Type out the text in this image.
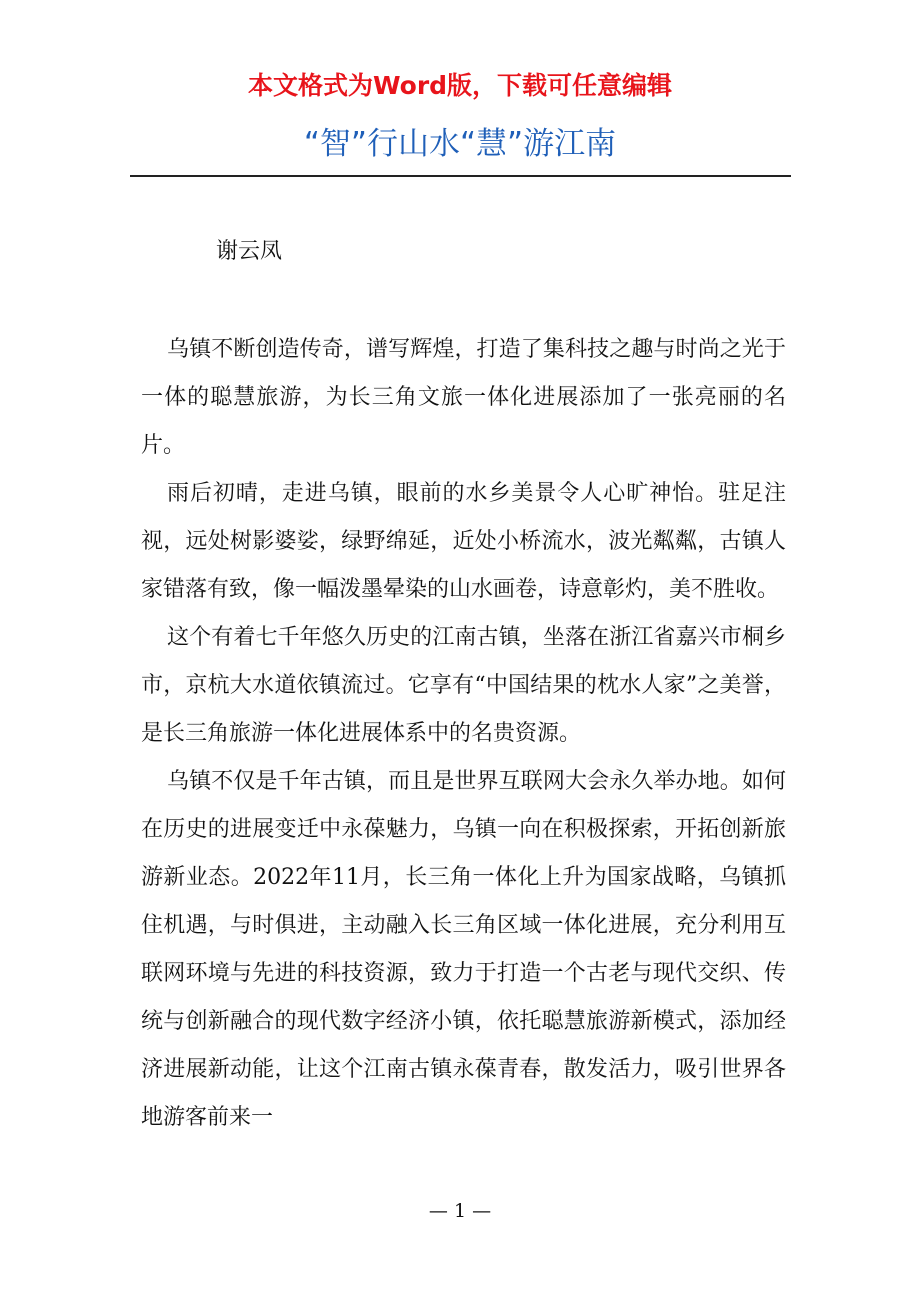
本文格式为Word版，下载可任意编辑
“智”行山水“慧”游江南

谢云凤

乌镇不断创造传奇，谱写辉煌，打造了集科技之趣与时尚之光于一体的聪慧旅游，为长三角文旅一体化进展添加了一张亮丽的名片。

雨后初晴，走进乌镇，眼前的水乡美景令人心旷神怡。驻足注视，远处树影婆娑，绿野绵延，近处小桥流水，波光粼粼，古镇人家错落有致，像一幅泼墨晕染的山水画卷，诗意彰灼，美不胜收。

这个有着七千年悠久历史的江南古镇，坐落在浙江省嘉兴市桐乡市，京杭大水道依镇流过。它享有“中国结果的枕水人家”之美誉，是长三角旅游一体化进展体系中的名贵资源。

乌镇不仅是千年古镇，而且是世界互联网大会永久举办地。如何在历史的进展变迁中永葆魅力，乌镇一向在积极探索，开拓创新旅游新业态。2022年11月，长三角一体化上升为国家战略，乌镇抓住机遇，与时俱进，主动融入长三角区域一体化进展，充分利用互联网环境与先进的科技资源，致力于打造一个古老与现代交织、传统与创新融合的现代数字经济小镇，依托聪慧旅游新模式，添加经济进展新动能，让这个江南古镇永葆青春，散发活力，吸引世界各地游客前来一

— 1 —
